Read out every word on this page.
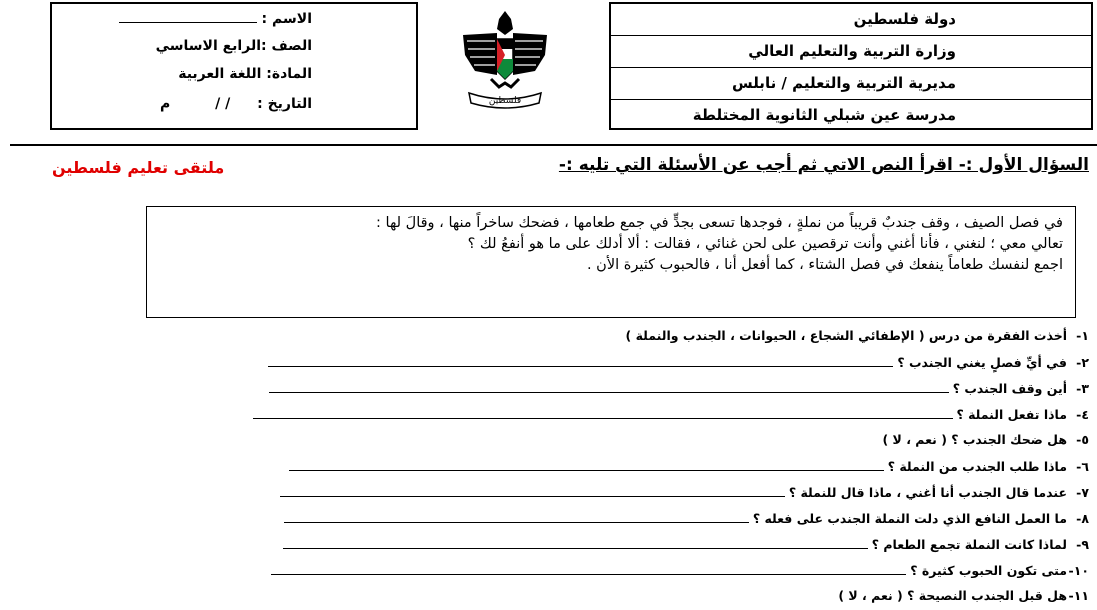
دولة فلسطين
وزارة التربية والتعليم العالي
مديرية التربية والتعليم / نابلس
مدرسة عين شبلي الثانوية المختلطة
فلسطين
الاسم :
الصف :الرابع الاساسي
المادة: اللغة العربية
التاريخ : / / م
السؤال الأول :- اقرأ النص الاتي ثم أجب عن الأسئلة التي تليه :-
ملتقى تعليم فلسطين
في فصل الصيف ، وقف جندبٌ قريباً من نملةٍ ، فوجدها تسعى بجدٍّ في جمع طعامها ، فضحك ساخراً منها ، وقالَ لها :
تعالي معي ؛ لنغني ، فأنا أغني وأنت ترقصين على لحن غنائي ، فقالت : ألا أدلك على ما هو أنفعُ لك ؟
اجمع لنفسك طعاماً ينفعك في فصل الشتاء ، كما أفعل أنا ، فالحبوب كثيرة الأن .
١-
أخذت الفقرة من درس ( الإطفائي الشجاع ، الحيوانات ، الجندب والنملة )
٢-
في أيِّ فصلٍ يغني الجندب ؟
٣-
أين وقف الجندب ؟
٤-
ماذا تفعل النملة ؟
٥-
هل ضحك الجندب ؟ ( نعم ، لا )
٦-
ماذا طلب الجندب من النملة ؟
٧-
عندما قال الجندب أنا أغني ، ماذا قال للنملة ؟
٨-
ما العمل النافع الذي دلت النملة الجندب على فعله ؟
٩-
لماذا كانت النملة تجمع الطعام ؟
١٠-
متى تكون الحبوب كثيرة ؟
١١-
هل قبل الجندب النصيحة ؟ ( نعم ، لا )
